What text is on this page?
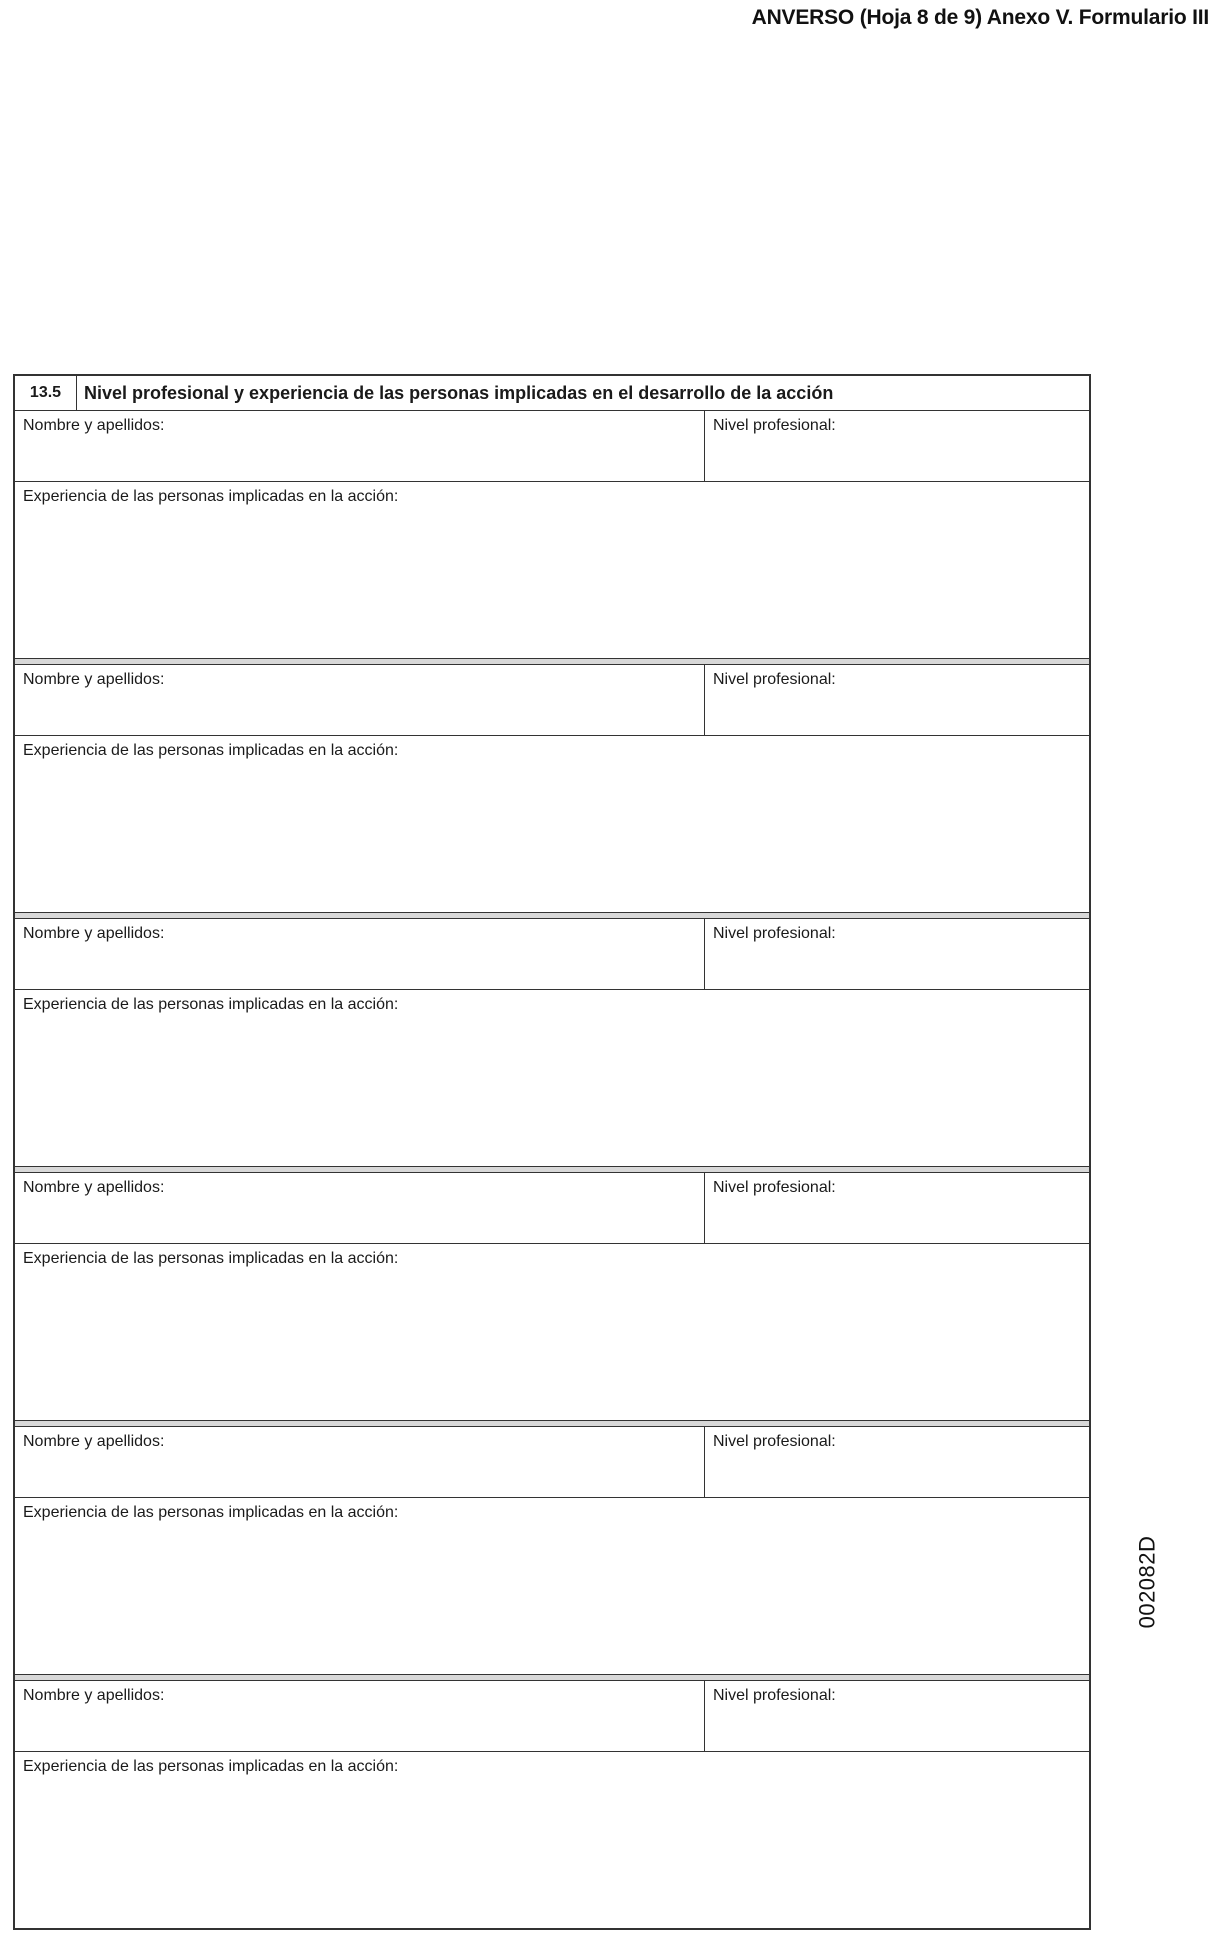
ANVERSO (Hoja 8 de 9) Anexo V. Formulario III
13.5	Nivel profesional y experiencia de las personas implicadas en el desarrollo de la acción
Nombre y apellidos:	Nivel profesional:
Experiencia de las personas implicadas en la acción:
Nombre y apellidos:	Nivel profesional:
Experiencia de las personas implicadas en la acción:
Nombre y apellidos:	Nivel profesional:
Experiencia de las personas implicadas en la acción:
Nombre y apellidos:	Nivel profesional:
Experiencia de las personas implicadas en la acción:
Nombre y apellidos:	Nivel profesional:
Experiencia de las personas implicadas en la acción:
Nombre y apellidos:	Nivel profesional:
Experiencia de las personas implicadas en la acción:
002082D
